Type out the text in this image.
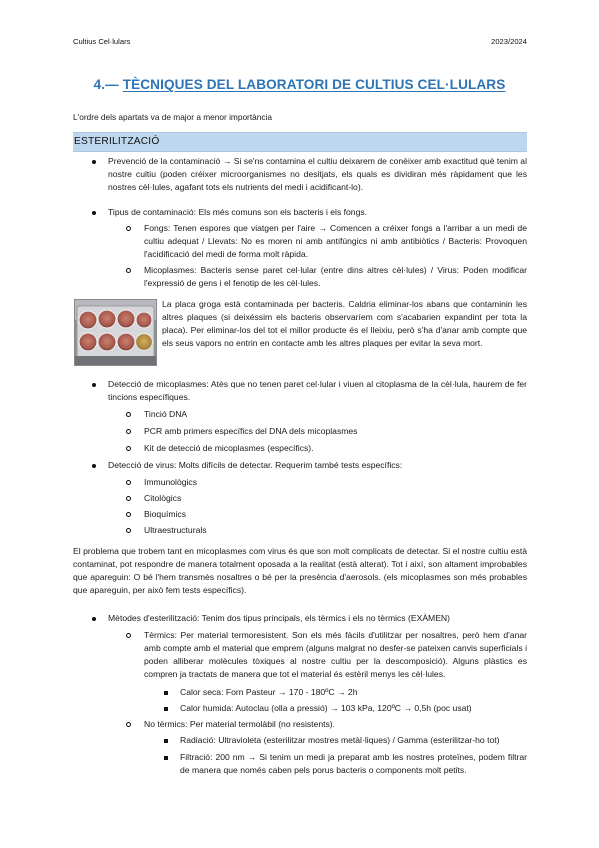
Cultius Cel·lulars	2023/2024
4.— TÈCNIQUES DEL LABORATORI DE CULTIUS CEL·LULARS
L'ordre dels apartats va de major a menor importància
ESTERILITZACIÓ
Prevenció de la contaminació → Si se'ns contamina el cultiu deixarem de conèixer amb exactitud què tenim al nostre cultiu (poden créixer microorganismes no desitjats, els quals es dividiran més ràpidament que les nostres cèl·lules, agafant tots els nutrients del medi i acidificant-lo).
Tipus de contaminació: Els més comuns son els bacteris i els fongs.
Fongs: Tenen espores que viatgen per l'aire → Comencen a créixer fongs a l'arribar a un medi de cultiu adequat / Llevats: No es moren ni amb antifúngics ni amb antibiòtics / Bacteris: Provoquen l'acidificació del medi de forma molt ràpida.
Micoplasmes: Bacteris sense paret cel·lular (entre dins altres cèl·lules) / Virus: Poden modificar l'expressió de gens i el fenotip de les cèl·lules.
La placa groga està contaminada per bacteris. Caldria eliminar-los abans que contaminin les altres plaques (si deixéssim els bacteris observaríem com s'acabarien expandint per tota la placa). Per eliminar-los del tot el millor producte és el lleixiu, però s'ha d'anar amb compte que els seus vapors no entrin en contacte amb les altres plaques per evitar la seva mort.
Detecció de micoplasmes: Atès que no tenen paret cel·lular i viuen al citoplasma de la cèl·lula, haurem de fer tincions específiques.
Tinció DNA
PCR amb primers específics del DNA dels micoplasmes
Kit de detecció de micoplasmes (específics).
Detecció de virus: Molts difícils de detectar. Requerim també tests específics:
Immunològics
Citològics
Bioquímics
Ultraestructurals
El problema que trobem tant en micoplasmes com virus és que son molt complicats de detectar. Si el nostre cultiu està contaminat, pot respondre de manera totalment oposada a la realitat (està alterat). Tot i així, son altament improbables que apareguin: O bé l'hem transmès nosaltres o bé per la presència d'aerosols. (els micoplasmes son més probables que apareguin, per això fem tests específics).
Mètodes d'esterilització: Tenim dos tipus principals, els tèrmics i els no tèrmics (EXÀMEN)
Tèrmics: Per material termoresistent. Son els més fàcils d'utilitzar per nosaltres, però hem d'anar amb compte amb el material que emprem (alguns malgrat no desfer-se pateixen canvis superficials i poden alliberar molècules tòxiques al nostre cultiu per la descomposició). Alguns plàstics es compren ja tractats de manera que tot el material és estèril menys les cèl·lules.
Calor seca: Forn Pasteur → 170 - 180ºC → 2h
Calor humida: Autoclau (olla a pressió) → 103 kPa, 120ºC → 0,5h (poc usat)
No tèrmics: Per material termolàbil (no resistents).
Radiació: Ultravioleta (esterilitzar mostres metàl·liques) / Gamma (esterilitzar-ho tot)
Filtració: 200 nm → Si tenim un medi ja preparat amb les nostres proteïnes, podem filtrar de manera que només caben pels porus bacteris o components molt petits.
